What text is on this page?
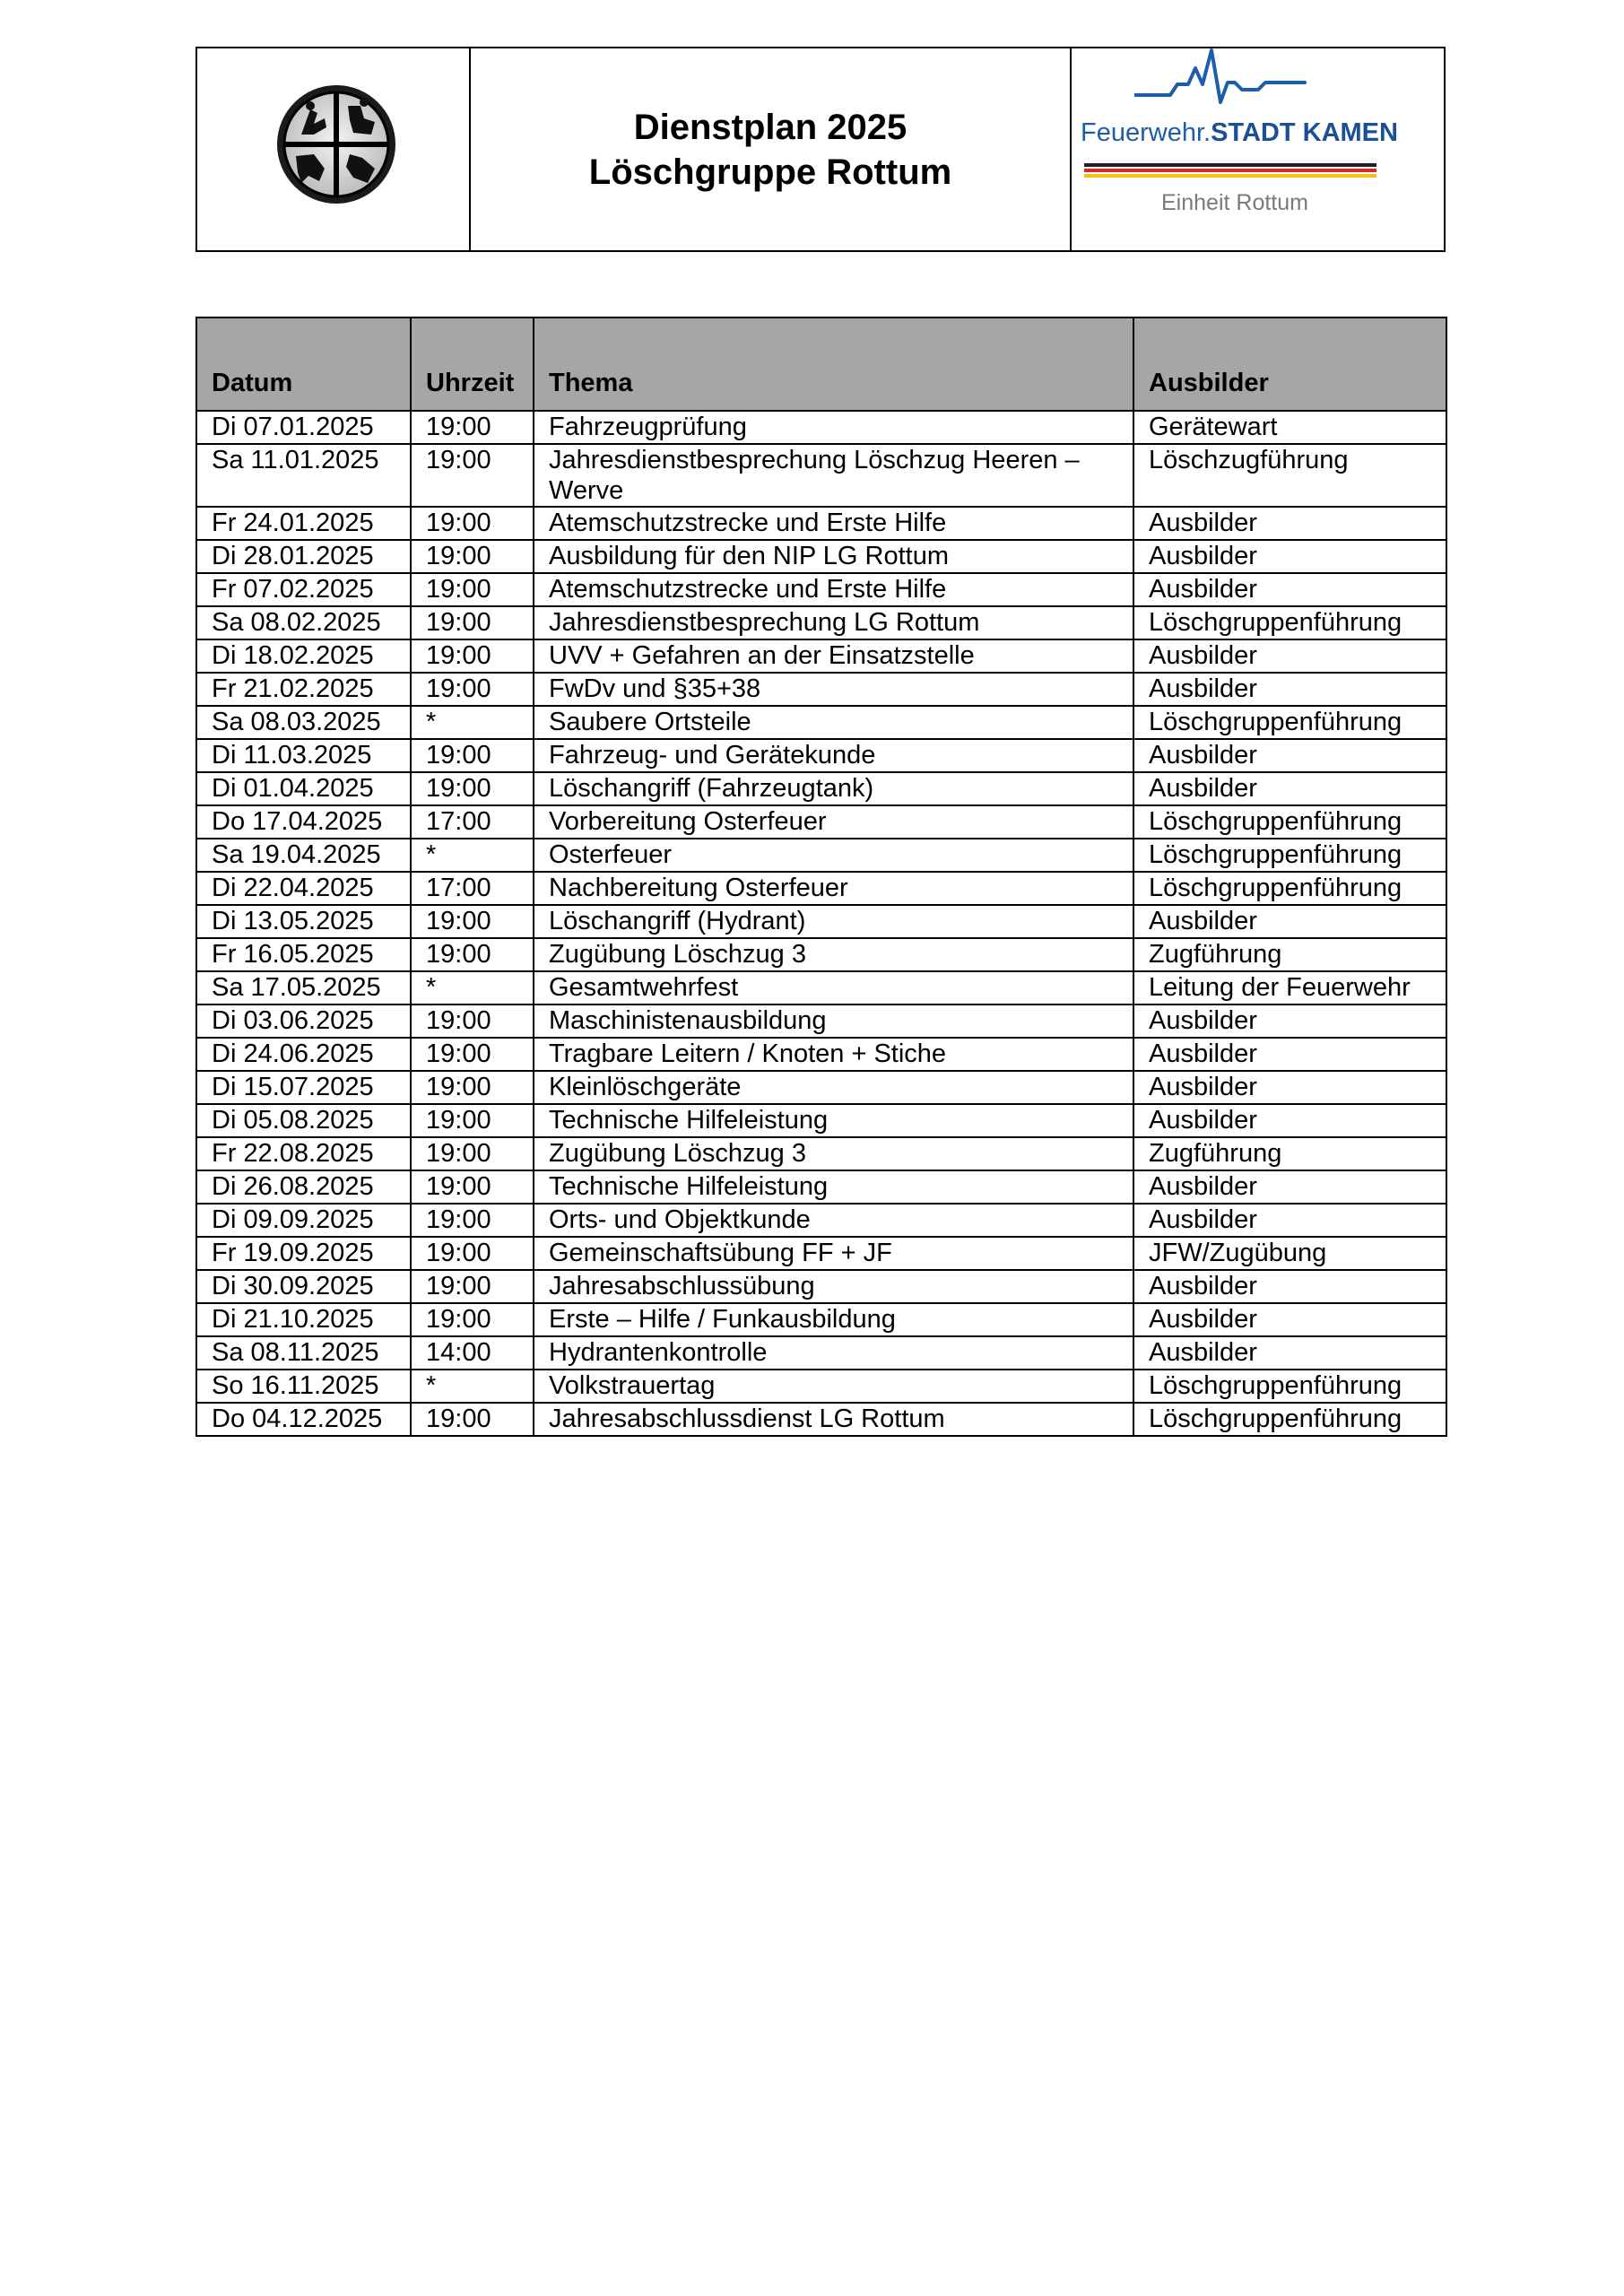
Dienstplan 2025
Löschgruppe Rottum
Feuerwehr.STADT KAMEN
Einheit Rottum
Datum	Uhrzeit	Thema	Ausbilder
Di 07.01.2025	19:00	Fahrzeugprüfung	Gerätewart
Sa 11.01.2025	19:00	Jahresdienstbesprechung Löschzug Heeren – Werve	Löschzugführung
Fr 24.01.2025	19:00	Atemschutzstrecke und Erste Hilfe	Ausbilder
Di 28.01.2025	19:00	Ausbildung für den NIP LG Rottum	Ausbilder
Fr 07.02.2025	19:00	Atemschutzstrecke und Erste Hilfe	Ausbilder
Sa 08.02.2025	19:00	Jahresdienstbesprechung LG Rottum	Löschgruppenführung
Di 18.02.2025	19:00	UVV + Gefahren an der Einsatzstelle	Ausbilder
Fr 21.02.2025	19:00	FwDv und §35+38	Ausbilder
Sa 08.03.2025	*	Saubere Ortsteile	Löschgruppenführung
Di 11.03.2025	19:00	Fahrzeug- und Gerätekunde	Ausbilder
Di 01.04.2025	19:00	Löschangriff (Fahrzeugtank)	Ausbilder
Do 17.04.2025	17:00	Vorbereitung Osterfeuer	Löschgruppenführung
Sa 19.04.2025	*	Osterfeuer	Löschgruppenführung
Di 22.04.2025	17:00	Nachbereitung Osterfeuer	Löschgruppenführung
Di 13.05.2025	19:00	Löschangriff (Hydrant)	Ausbilder
Fr 16.05.2025	19:00	Zugübung Löschzug 3	Zugführung
Sa 17.05.2025	*	Gesamtwehrfest	Leitung der Feuerwehr
Di 03.06.2025	19:00	Maschinistenausbildung	Ausbilder
Di 24.06.2025	19:00	Tragbare Leitern / Knoten + Stiche	Ausbilder
Di 15.07.2025	19:00	Kleinlöschgeräte	Ausbilder
Di 05.08.2025	19:00	Technische Hilfeleistung	Ausbilder
Fr 22.08.2025	19:00	Zugübung Löschzug 3	Zugführung
Di 26.08.2025	19:00	Technische Hilfeleistung	Ausbilder
Di 09.09.2025	19:00	Orts- und Objektkunde	Ausbilder
Fr 19.09.2025	19:00	Gemeinschaftsübung FF + JF	JFW/Zugübung
Di 30.09.2025	19:00	Jahresabschlussübung	Ausbilder
Di 21.10.2025	19:00	Erste – Hilfe / Funkausbildung	Ausbilder
Sa 08.11.2025	14:00	Hydrantenkontrolle	Ausbilder
So 16.11.2025	*	Volkstrauertag	Löschgruppenführung
Do 04.12.2025	19:00	Jahresabschlussdienst LG Rottum	Löschgruppenführung
